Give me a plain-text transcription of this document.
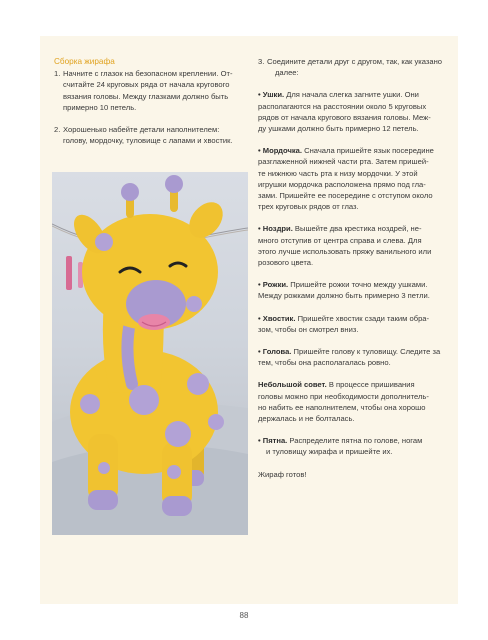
Сборка жирафа
1. Начните с глазок на безопасном креплении. От-
считайте 24 круговых ряда от начала кругового
вязания головы. Между глазками должно быть
примерно 10 петель.
2. Хорошенько набейте детали наполнителем:
голову, мордочку, туловище с лапами и хвостик.
3. Соедините детали друг с другом, так, как указано
далее:
• Ушки. Для начала слегка загните ушки. Они
располагаются на расстоянии около 5 круговых
рядов от начала кругового вязания головы. Меж-
ду ушками должно быть примерно 12 петель.
• Мордочка. Сначала пришейте язык посередине
разглаженной нижней части рта. Затем пришей-
те нижнюю часть рта к низу мордочки. У этой
игрушки мордочка расположена прямо под гла-
зами. Пришейте ее посередине с отступом около
трех круговых рядов от глаз.
• Ноздри. Вышейте два крестика ноздрей, не-
много отступив от центра справа и слева. Для
этого лучше использовать пряжу ванильного или
розового цвета.
• Рожки. Пришейте рожки точно между ушками.
Между рожками должно быть примерно 3 петли.
• Хвостик. Пришейте хвостик сзади таким обра-
зом, чтобы он смотрел вниз.
• Голова. Пришейте голову к туловищу. Следите за
тем, чтобы она располагалась ровно.
Небольшой совет. В процессе пришивания
головы можно при необходимости дополнитель-
но набить ее наполнителем, чтобы она хорошо
держалась и не болталась.
• Пятна. Распределите пятна по голове, ногам
и туловищу жирафа и пришейте их.
Жираф готов!
88
